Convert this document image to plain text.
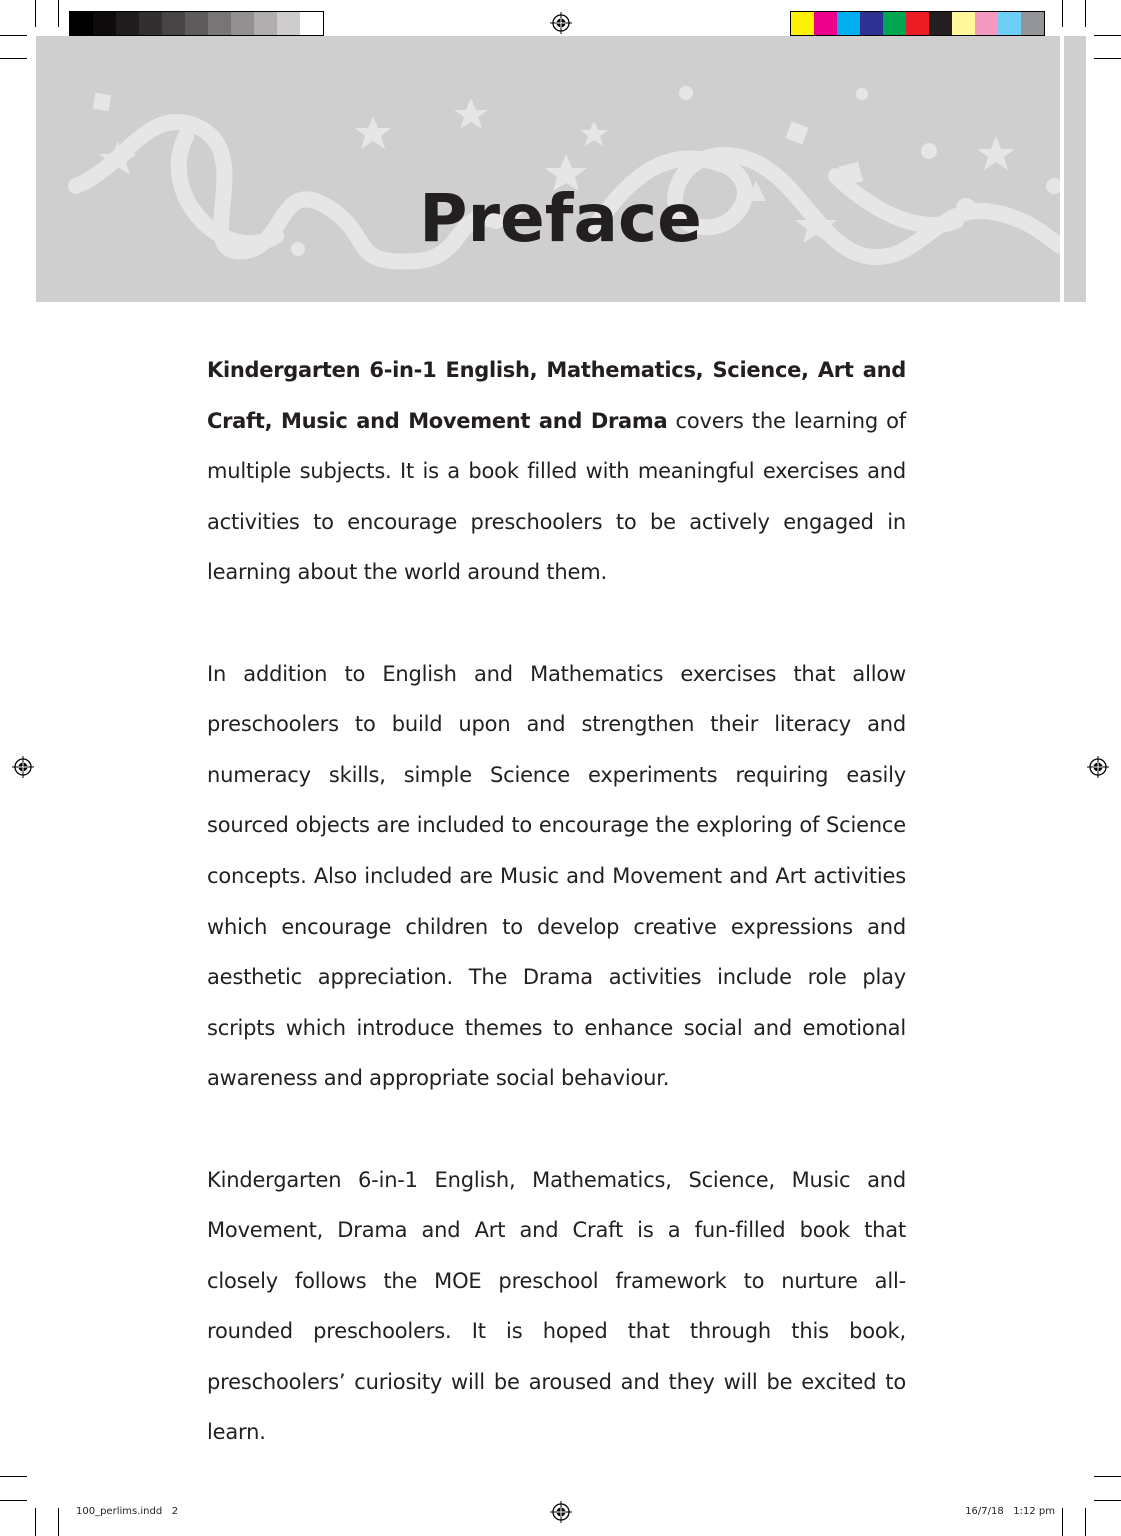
Preface

Kindergarten 6-in-1 English, Mathematics, Science, Art and Craft, Music and Movement and Drama covers the learning of multiple subjects. It is a book filled with meaningful exercises and activities to encourage preschoolers to be actively engaged in learning about the world around them.

In addition to English and Mathematics exercises that allow preschoolers to build upon and strengthen their literacy and numeracy skills, simple Science experiments requiring easily sourced objects are included to encourage the exploring of Science concepts. Also included are Music and Movement and Art activities which encourage children to develop creative expressions and aesthetic appreciation. The Drama activities include role play scripts which introduce themes to enhance social and emotional awareness and appropriate social behaviour.

Kindergarten 6-in-1 English, Mathematics, Science, Music and Movement, Drama and Art and Craft is a fun-filled book that closely follows the MOE preschool framework to nurture all-rounded preschoolers. It is hoped that through this book, preschoolers’ curiosity will be aroused and they will be excited to learn.

100_perlims.indd   2	16/7/18   1:12 pm
